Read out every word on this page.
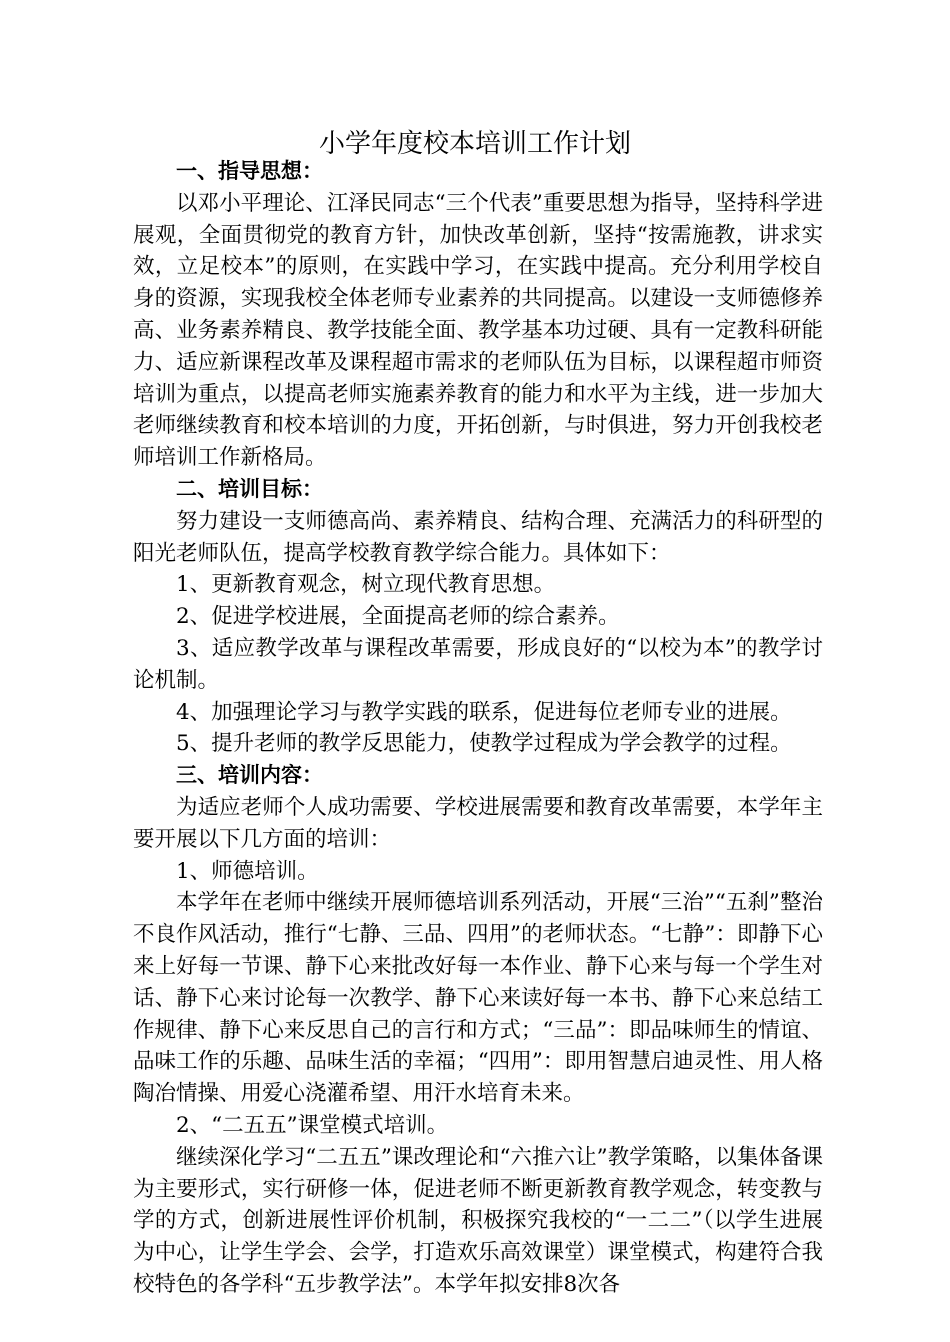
小学年度校本培训工作计划

一、指导思想：

以邓小平理论、江泽民同志“三个代表”重要思想为指导，坚持科学进展观，全面贯彻党的教育方针，加快改革创新，坚持“按需施教，讲求实效，立足校本”的原则，在实践中学习，在实践中提高。充分利用学校自身的资源，实现我校全体老师专业素养的共同提高。以建设一支师德修养高、业务素养精良、教学技能全面、教学基本功过硬、具有一定教科研能力、适应新课程改革及课程超市需求的老师队伍为目标，以课程超市师资培训为重点，以提高老师实施素养教育的能力和水平为主线，进一步加大老师继续教育和校本培训的力度，开拓创新，与时俱进，努力开创我校老师培训工作新格局。

二、培训目标：

努力建设一支师德高尚、素养精良、结构合理、充满活力的科研型的阳光老师队伍，提高学校教育教学综合能力。具体如下：

1、更新教育观念，树立现代教育思想。

2、促进学校进展，全面提高老师的综合素养。

3、适应教学改革与课程改革需要，形成良好的“以校为本”的教学讨论机制。

4、加强理论学习与教学实践的联系，促进每位老师专业的进展。

5、提升老师的教学反思能力，使教学过程成为学会教学的过程。

三、培训内容：

为适应老师个人成功需要、学校进展需要和教育改革需要，本学年主要开展以下几方面的培训：

1、师德培训。

本学年在老师中继续开展师德培训系列活动，开展“三治”“五刹”整治不良作风活动，推行“七静、三品、四用”的老师状态。“七静”：即静下心来上好每一节课、静下心来批改好每一本作业、静下心来与每一个学生对话、静下心来讨论每一次教学、静下心来读好每一本书、静下心来总结工作规律、静下心来反思自己的言行和方式；“三品”：即品味师生的情谊、品味工作的乐趣、品味生活的幸福；“四用”：即用智慧启迪灵性、用人格陶冶情操、用爱心浇灌希望、用汗水培育未来。

2、“二五五”课堂模式培训。

继续深化学习“二五五”课改理论和“六推六让”教学策略，以集体备课为主要形式，实行研修一体，促进老师不断更新教育教学观念，转变教与学的方式，创新进展性评价机制，积极探究我校的“一二二”（以学生进展为中心，让学生学会、会学，打造欢乐高效课堂）课堂模式，构建符合我校特色的各学科“五步教学法”。本学年拟安排8次各
